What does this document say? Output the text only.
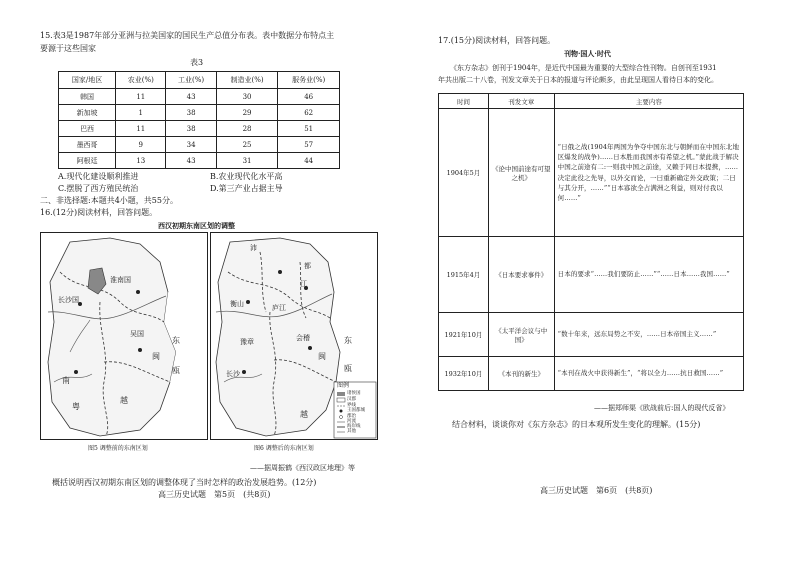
15.表3是1987年部分亚洲与拉美国家的国民生产总值分布表。表中数据分布特点主
要源于这些国家
表3
国家/地区	农业(%)	工业(%)	制造业(%)	服务业(%)
韩国	11	43	30	46
新加坡	1	38	29	62
巴西	11	38	28	51
墨西哥	9	34	25	57
阿根廷	13	43	31	44
A.现代化建设顺利推进	B.农业现代化水平高
C.摆脱了西方殖民统治	D.第三产业占据主导
二、非选择题:本题共4小题，共55分。
16.(12分)阅读材料，回答问题。
西汉初期东南区划的调整
长沙国
淮南国
吴国
东
闽
瓯
南
越
粤
沛
衡山	庐江
江
都
豫章	会稽	东
瓯
闽
越
长沙
图例
诸侯国
汉郡
界线
王国都城
郡治
河流
海岸线
其他
图5 调整前的东南区划	图6 调整后的东南区划
——据周振鹤《西汉政区地理》等
概括说明西汉初期东南区划的调整体现了当时怎样的政治发展趋势。(12分)
高三历史试题　第5页　(共8页)
17.(15分)阅读材料，回答问题。
刊物·国人·时代
《东方杂志》创刊于1904年，是近代中国最为重要的大型综合性刊物。自创刊至1931
年共出版二十八卷，刊发文章关于日本的报道与评论颇多，由此呈现国人看待日本的变化。
时间	刊发文章	主要内容
1904年5月	《论中国前途有可望之机》	“日俄之战(1904年两国为争夺中国东北与朝鲜而在中国东北地区爆发的战争)……日本胜而我国亦有希望之机。”蒙此战于解决中国之前途有二:一则我中国之前途，又赖于同日本提携，……决定此役之先导，以外交而论，一曰重新确定外交政策；二曰与其分开，……”“日本寡欲全占满洲之利益，则对付我以何……”
1915年4月	《日本要求事件》	日本的要求“……我们要防止……”“……日本……我国……”
1921年10月	《太平洋会议与中国》	“数十年来，远东局势之不安，……日本帝国主义……”
1932年10月	《本刊的新生》	“本刊在战火中获得新生”，“将以全力……抗日救国……”
——据郑师渠《欧战前后:国人的现代反省》
结合材料，谈谈你对《东方杂志》的日本观所发生变化的理解。(15分)
高三历史试题　第6页　(共8页)
